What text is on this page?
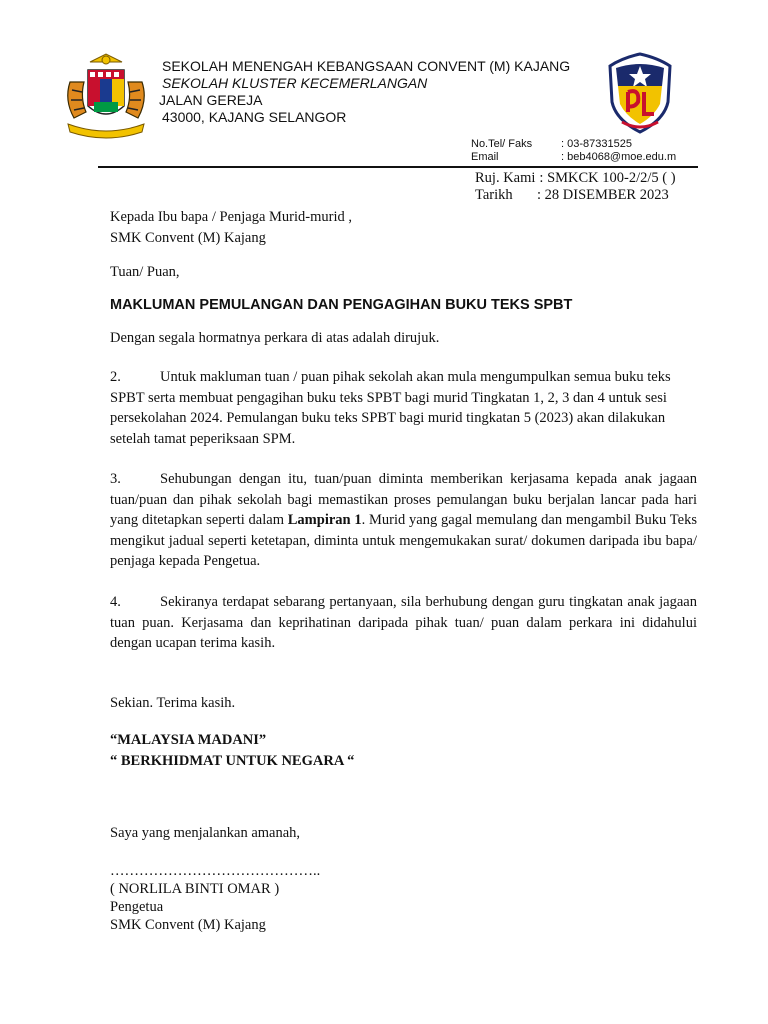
SEKOLAH MENENGAH KEBANGSAAN CONVENT (M) KAJANG
SEKOLAH KLUSTER KECEMERLANGAN
JALAN GEREJA
43000, KAJANG SELANGOR
No.Tel/ Faks	: 03-87331525
Email	: beb4068@moe.edu.m
Ruj. Kami : SMKCK 100-2/2/5 ( )
Tarikh	: 28 DISEMBER 2023

Kepada Ibu bapa / Penjaga Murid-murid ,

SMK Convent (M) Kajang

Tuan/ Puan,
MAKLUMAN PEMULANGAN DAN PENGAGIHAN BUKU TEKS SPBT
Dengan segala hormatnya perkara di atas adalah dirujuk.

2.	Untuk makluman tuan / puan pihak sekolah akan mula mengumpulkan semua buku teks SPBT serta membuat pengagihan buku teks SPBT bagi murid Tingkatan 1, 2, 3 dan 4 untuk sesi persekolahan 2024. Pemulangan buku teks SPBT bagi murid tingkatan 5 (2023) akan dilakukan setelah tamat peperiksaan SPM.

3.	Sehubungan dengan itu, tuan/puan diminta memberikan kerjasama kepada anak jagaan tuan/puan dan pihak sekolah bagi memastikan proses pemulangan buku berjalan lancar pada hari yang ditetapkan seperti dalam Lampiran 1. Murid yang gagal memulang dan mengambil Buku Teks mengikut jadual seperti ketetapan, diminta untuk mengemukakan surat/ dokumen daripada ibu bapa/ penjaga kepada Pengetua.

4.	Sekiranya terdapat sebarang pertanyaan, sila berhubung dengan guru tingkatan anak jagaan tuan puan. Kerjasama dan keprihatinan daripada pihak tuan/ puan dalam perkara ini didahului dengan ucapan terima kasih.

Sekian. Terima kasih.

“MALAYSIA MADANI”

“ BERKHIDMAT UNTUK NEGARA “

Saya yang menjalankan amanah,

……………………………………..

( NORLILA BINTI OMAR )

Pengetua

SMK Convent (M) Kajang
